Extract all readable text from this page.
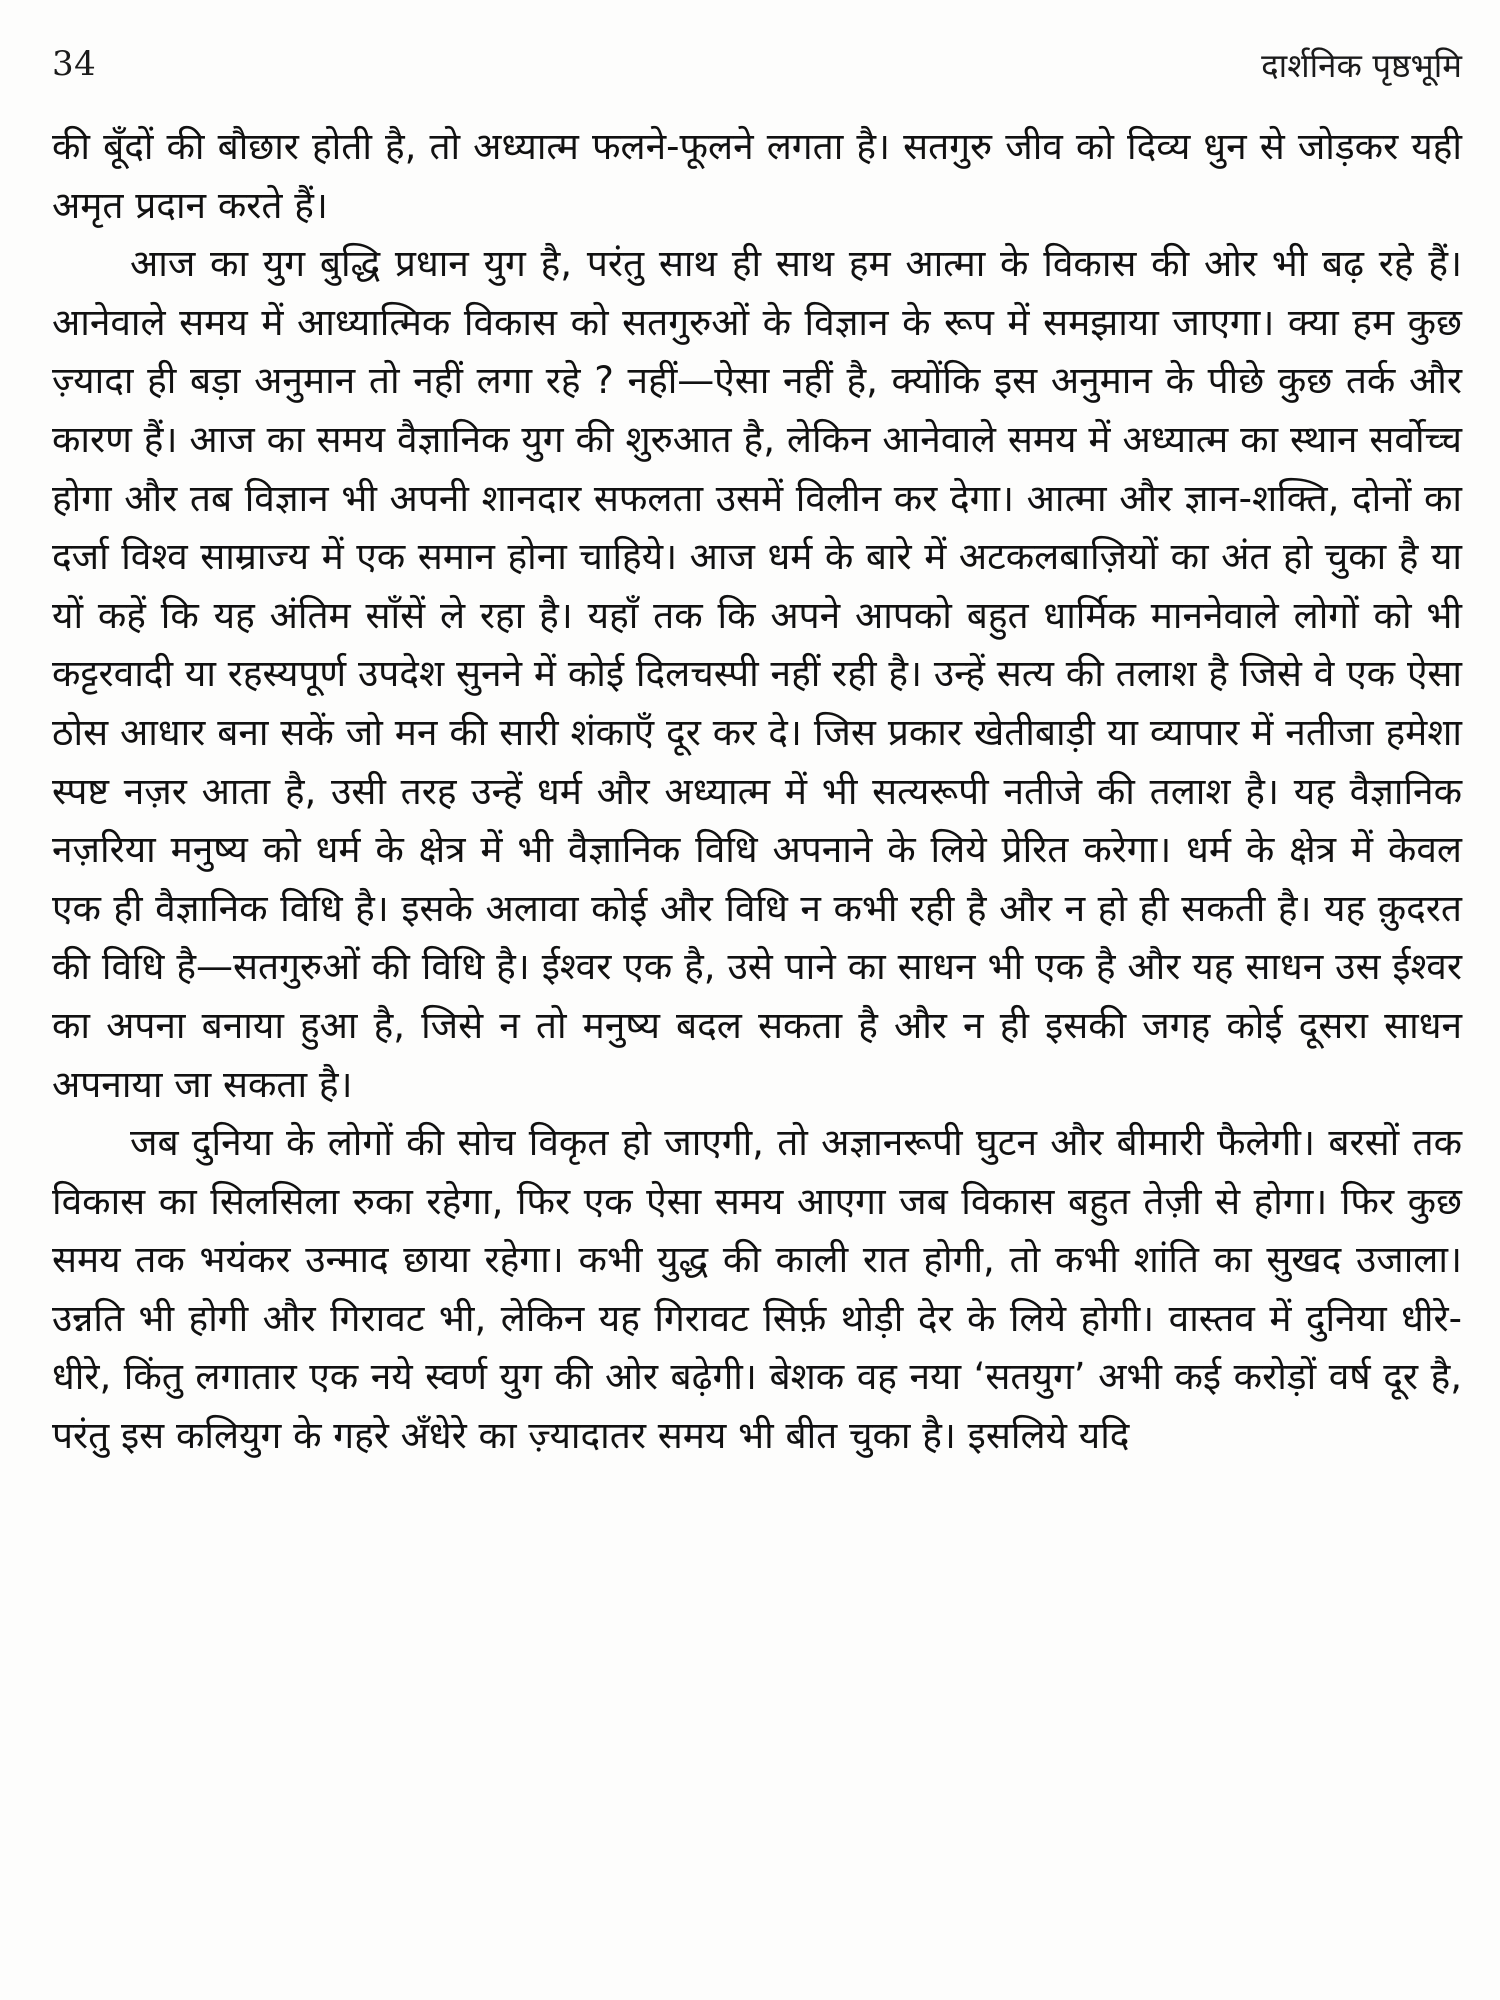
34	दार्शनिक पृष्ठभूमि

की बूँदों की बौछार होती है, तो अध्यात्म फलने-फूलने लगता है। सतगुरु जीव को दिव्य धुन से जोड़कर यही अमृत प्रदान करते हैं।

आज का युग बुद्धि प्रधान युग है, परंतु साथ ही साथ हम आत्मा के विकास की ओर भी बढ़ रहे हैं। आनेवाले समय में आध्यात्मिक विकास को सतगुरुओं के विज्ञान के रूप में समझाया जाएगा। क्या हम कुछ ज़्यादा ही बड़ा अनुमान तो नहीं लगा रहे ? नहीं—ऐसा नहीं है, क्योंकि इस अनुमान के पीछे कुछ तर्क और कारण हैं। आज का समय वैज्ञानिक युग की शुरुआत है, लेकिन आनेवाले समय में अध्यात्म का स्थान सर्वोच्च होगा और तब विज्ञान भी अपनी शानदार सफलता उसमें विलीन कर देगा। आत्मा और ज्ञान-शक्ति, दोनों का दर्जा विश्व साम्राज्य में एक समान होना चाहिये। आज धर्म के बारे में अटकलबाज़ियों का अंत हो चुका है या यों कहें कि यह अंतिम साँसें ले रहा है। यहाँ तक कि अपने आपको बहुत धार्मिक माननेवाले लोगों को भी कट्टरवादी या रहस्यपूर्ण उपदेश सुनने में कोई दिलचस्पी नहीं रही है। उन्हें सत्य की तलाश है जिसे वे एक ऐसा ठोस आधार बना सकें जो मन की सारी शंकाएँ दूर कर दे। जिस प्रकार खेतीबाड़ी या व्यापार में नतीजा हमेशा स्पष्ट नज़र आता है, उसी तरह उन्हें धर्म और अध्यात्म में भी सत्यरूपी नतीजे की तलाश है। यह वैज्ञानिक नज़रिया मनुष्य को धर्म के क्षेत्र में भी वैज्ञानिक विधि अपनाने के लिये प्रेरित करेगा। धर्म के क्षेत्र में केवल एक ही वैज्ञानिक विधि है। इसके अलावा कोई और विधि न कभी रही है और न हो ही सकती है। यह क़ुदरत की विधि है—सतगुरुओं की विधि है। ईश्वर एक है, उसे पाने का साधन भी एक है और यह साधन उस ईश्वर का अपना बनाया हुआ है, जिसे न तो मनुष्य बदल सकता है और न ही इसकी जगह कोई दूसरा साधन अपनाया जा सकता है।

जब दुनिया के लोगों की सोच विकृत हो जाएगी, तो अज्ञानरूपी घुटन और बीमारी फैलेगी। बरसों तक विकास का सिलसिला रुका रहेगा, फिर एक ऐसा समय आएगा जब विकास बहुत तेज़ी से होगा। फिर कुछ समय तक भयंकर उन्माद छाया रहेगा। कभी युद्ध की काली रात होगी, तो कभी शांति का सुखद उजाला। उन्नति भी होगी और गिरावट भी, लेकिन यह गिरावट सिर्फ़ थोड़ी देर के लिये होगी। वास्तव में दुनिया धीरे-धीरे, किंतु लगातार एक नये स्वर्ण युग की ओर बढ़ेगी। बेशक वह नया ‘सतयुग’ अभी कई करोड़ों वर्ष दूर है, परंतु इस कलियुग के गहरे अँधेरे का ज़्यादातर समय भी बीत चुका है। इसलिये यदि
